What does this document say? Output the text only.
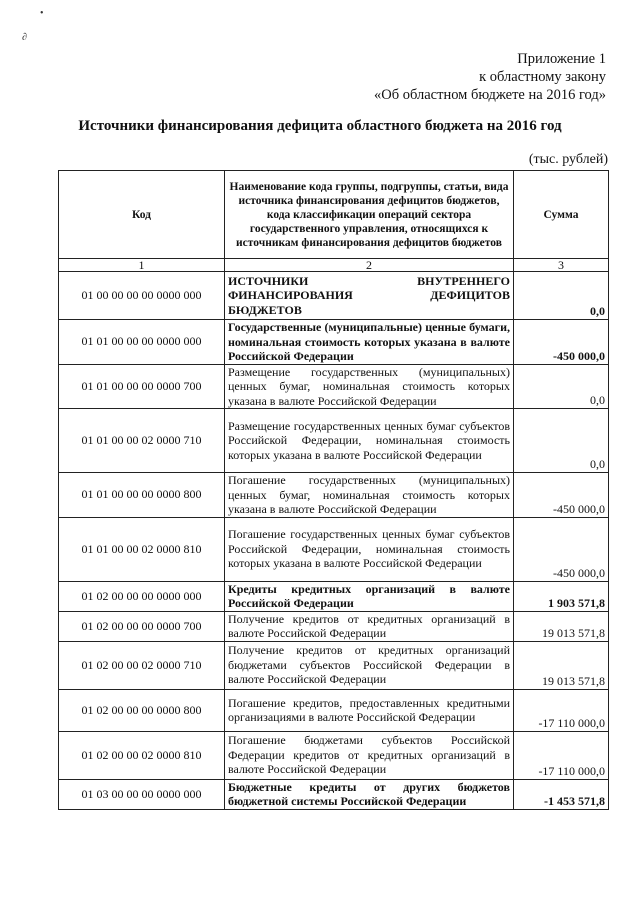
•
∂
Приложение 1
к областному закону
«Об областном бюджете на 2016 год»
Источники финансирования дефицита областного бюджета на 2016 год
(тыс. рублей)
Код	Наименование кода группы, подгруппы, статьи, вида источника финансирования дефицитов бюджетов, кода классификации операций сектора государственного управления, относящихся к источникам финансирования дефицитов бюджетов	Сумма
1	2	3
01 00 00 00 00 0000 000	ИСТОЧНИКИ ВНУТРЕННЕГО ФИНАНСИРОВАНИЯ ДЕФИЦИТОВ БЮДЖЕТОВ	0,0
01 01 00 00 00 0000 000	Государственные (муниципальные) ценные бумаги, номинальная стоимость которых указана в валюте Российской Федерации	-450 000,0
01 01 00 00 00 0000 700	Размещение государственных (муниципальных) ценных бумаг, номинальная стоимость которых указана в валюте Российской Федерации	0,0
01 01 00 00 02 0000 710	Размещение государственных ценных бумаг субъектов Российской Федерации, номинальная стоимость которых указана в валюте Российской Федерации	0,0
01 01 00 00 00 0000 800	Погашение государственных (муниципальных) ценных бумаг, номинальная стоимость которых указана в валюте Российской Федерации	-450 000,0
01 01 00 00 02 0000 810	Погашение государственных ценных бумаг субъектов Российской Федерации, номинальная стоимость которых указана в валюте Российской Федерации	-450 000,0
01 02 00 00 00 0000 000	Кредиты кредитных организаций в валюте Российской Федерации	1 903 571,8
01 02 00 00 00 0000 700	Получение кредитов от кредитных организаций в валюте Российской Федерации	19 013 571,8
01 02 00 00 02 0000 710	Получение кредитов от кредитных организаций бюджетами субъектов Российской Федерации в валюте Российской Федерации	19 013 571,8
01 02 00 00 00 0000 800	Погашение кредитов, предоставленных кредитными организациями в валюте Российской Федерации	-17 110 000,0
01 02 00 00 02 0000 810	Погашение бюджетами субъектов Российской Федерации кредитов от кредитных организаций в валюте Российской Федерации	-17 110 000,0
01 03 00 00 00 0000 000	Бюджетные кредиты от других бюджетов бюджетной системы Российской Федерации	-1 453 571,8
